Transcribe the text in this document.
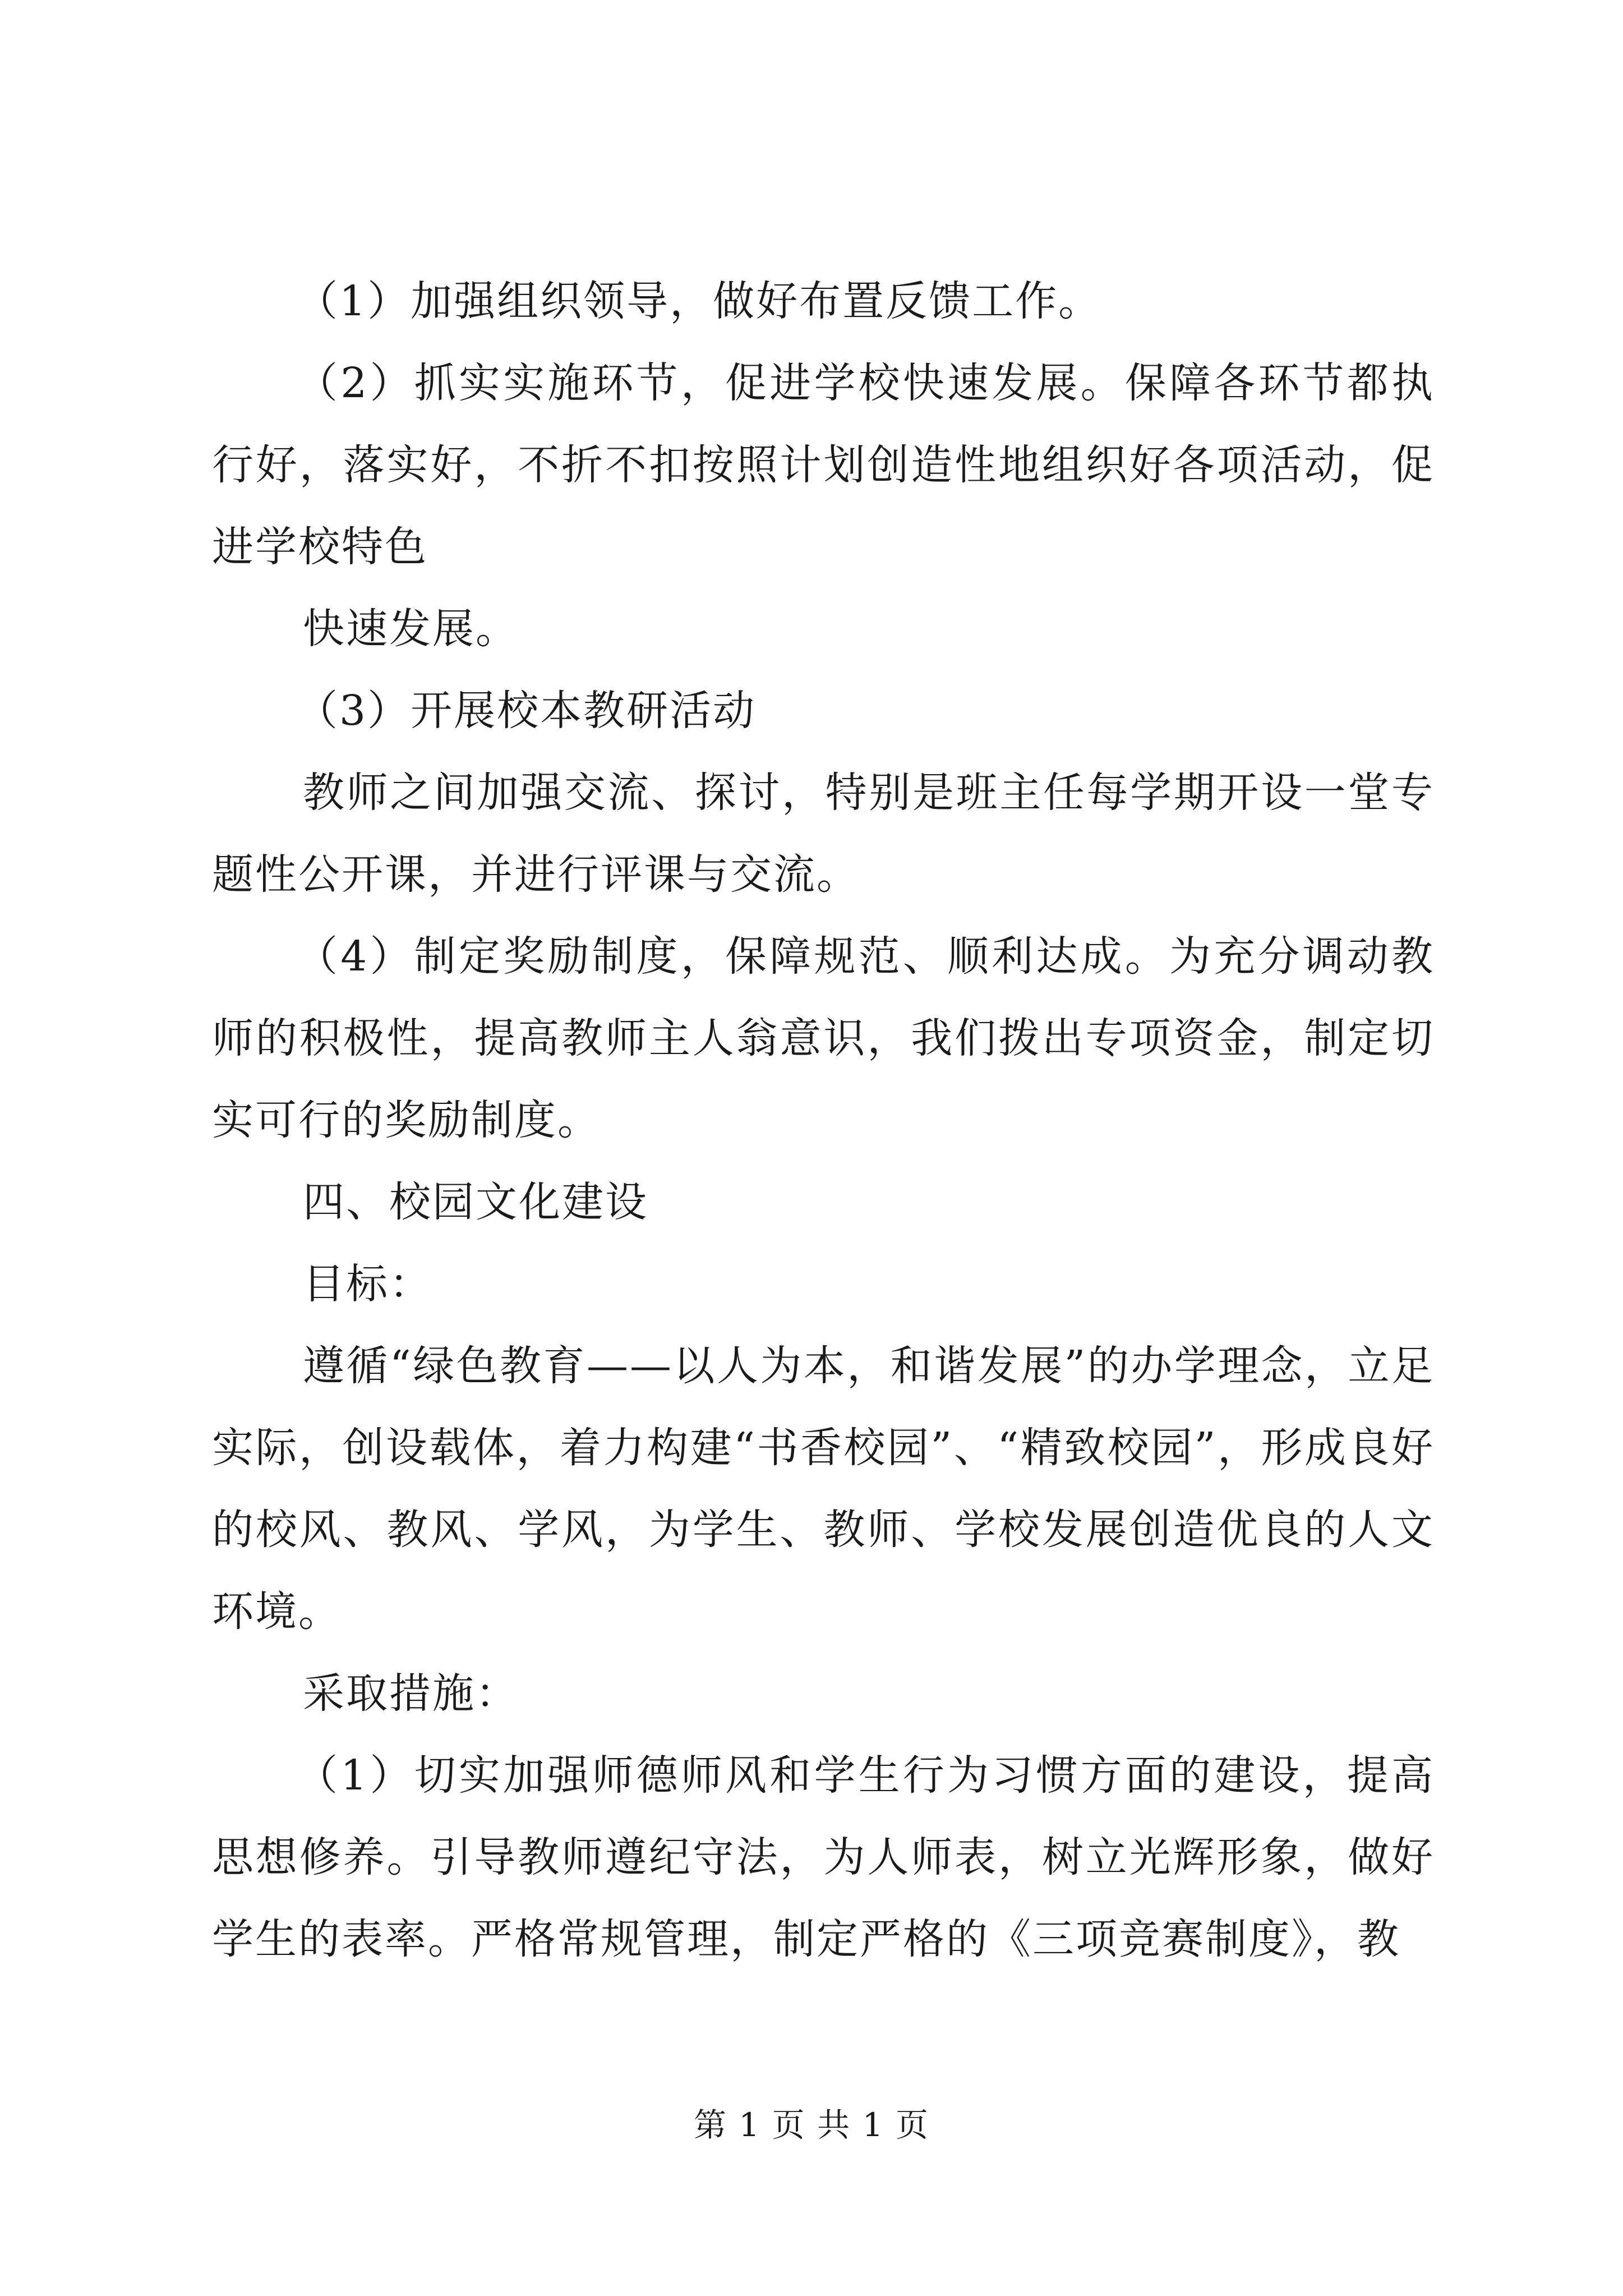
（1）加强组织领导，做好布置反馈工作。

（2）抓实实施环节，促进学校快速发展。保障各环节都执行好，落实好，不折不扣按照计划创造性地组织好各项活动，促进学校特色

快速发展。

（3）开展校本教研活动

教师之间加强交流、探讨，特别是班主任每学期开设一堂专题性公开课，并进行评课与交流。

（4）制定奖励制度，保障规范、顺利达成。为充分调动教师的积极性，提高教师主人翁意识，我们拨出专项资金，制定切实可行的奖励制度。

四、校园文化建设

目标：

遵循“绿色教育——以人为本，和谐发展”的办学理念，立足实际，创设载体，着力构建“书香校园”、“精致校园”，形成良好的校风、教风、学风，为学生、教师、学校发展创造优良的人文环境。

采取措施：

（1）切实加强师德师风和学生行为习惯方面的建设，提高思想修养。引导教师遵纪守法，为人师表，树立光辉形象，做好学生的表率。严格常规管理，制定严格的《三项竞赛制度》，教

第 1 页 共 1 页
